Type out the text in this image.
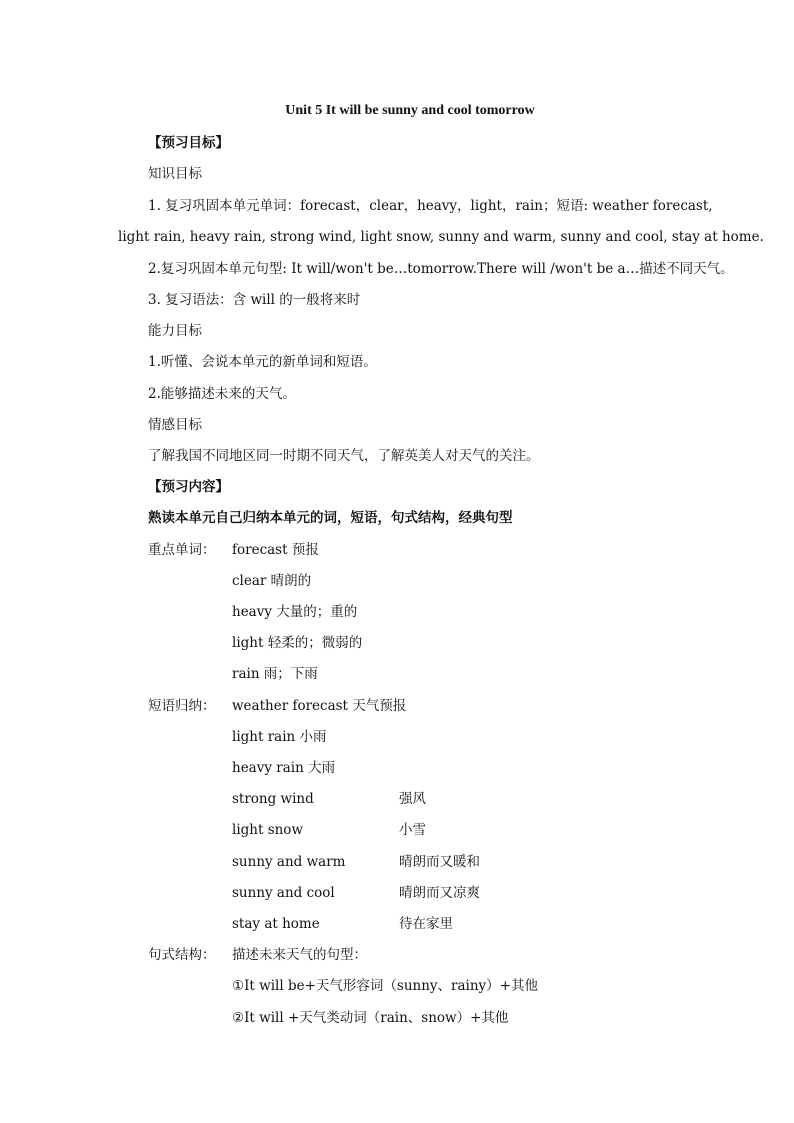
Unit 5 It will be sunny and cool tomorrow
【预习目标】
知识目标
1. 复习巩固本单元单词：forecast，clear，heavy，light，rain；短语: weather forecast,
light rain, heavy rain, strong wind, light snow, sunny and warm, sunny and cool, stay at home.
2.复习巩固本单元句型: It will/won't be…tomorrow.There will /won't be a…描述不同天气。
3. 复习语法：含 will 的一般将来时
能力目标
1.听懂、会说本单元的新单词和短语。
2.能够描述未来的天气。
情感目标
了解我国不同地区同一时期不同天气，了解英美人对天气的关注。
【预习内容】
熟读本单元自己归纳本单元的词，短语，句式结构，经典句型
重点单词： forecast 预报
clear 晴朗的
heavy 大量的；重的
light 轻柔的；微弱的
rain 雨；下雨
短语归纳： weather forecast 天气预报
light rain 小雨
heavy rain 大雨
strong wind	强风
light snow	小雪
sunny and warm	晴朗而又暖和
sunny and cool	晴朗而又凉爽
stay at home	待在家里
句式结构： 描述未来天气的句型：
①It will be+天气形容词（sunny、rainy）+其他
②It will +天气类动词（rain、snow）+其他
